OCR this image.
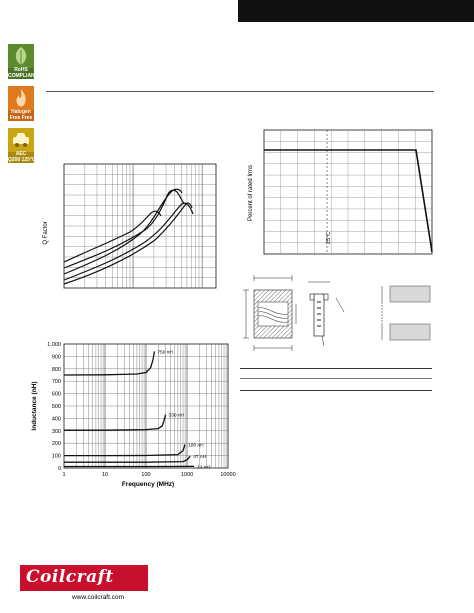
RoHS
COMPLIANT
Halogen
Free Free
AEC
Q200 125°C
Q Factor
0
100
200
300
400
500
600
700
800
900
1,000
1	10	100	1000	10000
750 nH
330 nH
100 nH
47 nH
12 nH
Frequency (MHz)
Inductance (nH)
25°C
Percent of rated Irms
Coilcraft
www.coilcraft.com
